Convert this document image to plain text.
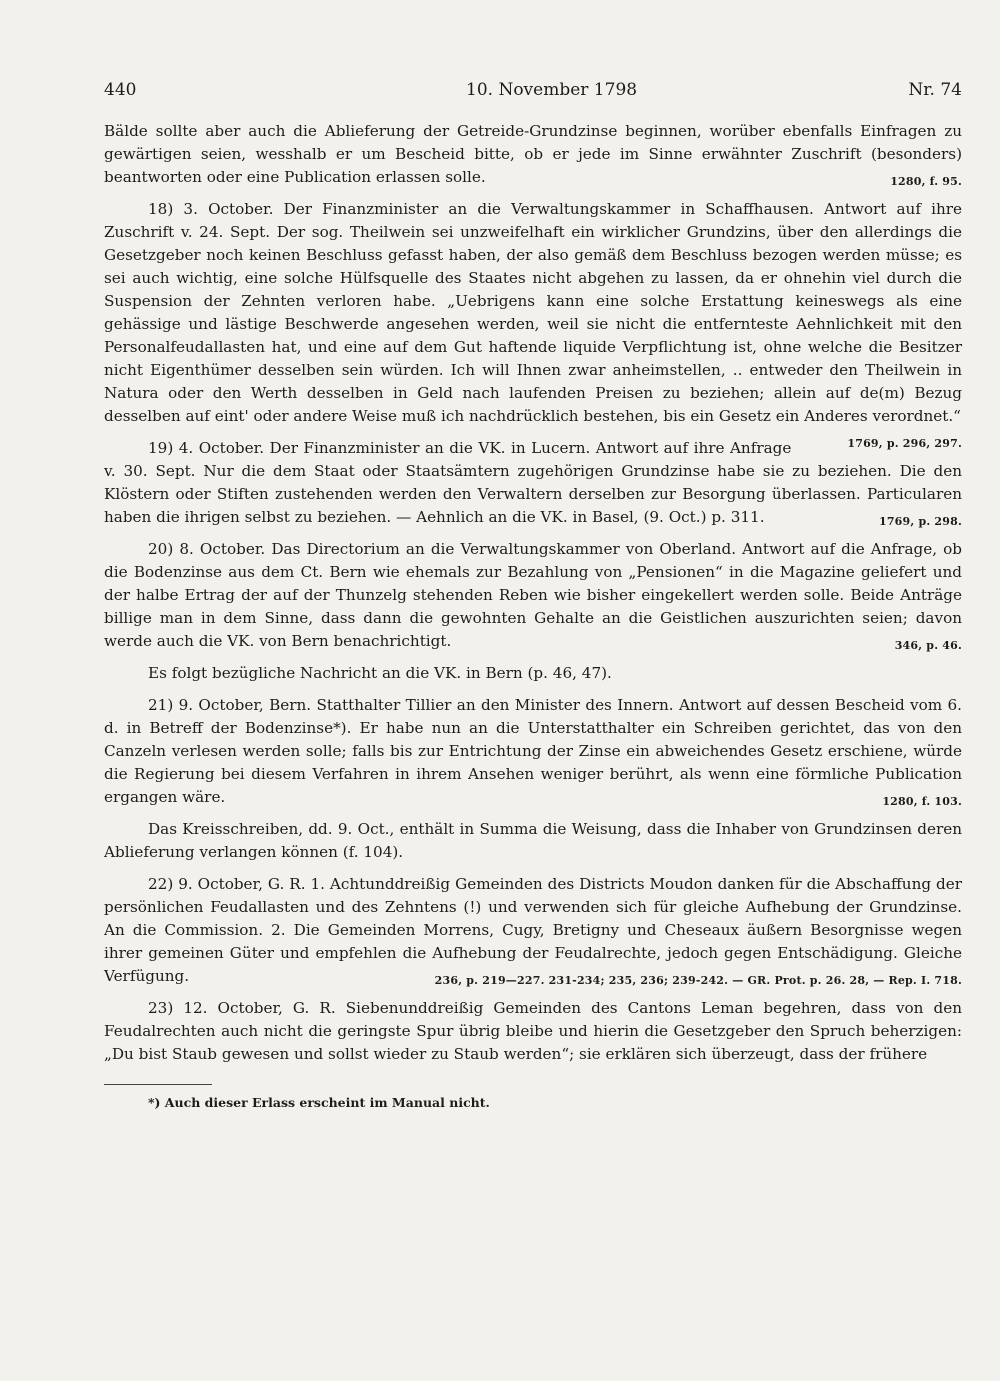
440	10. November 1798	Nr. 74

Bälde sollte aber auch die Ablieferung der Getreide-Grundzinse beginnen, worüber ebenfalls Einfragen zu gewärtigen seien, wesshalb er um Bescheid bitte, ob er jede im Sinne erwähnter Zuschrift (besonders) beantworten oder eine Publication erlassen solle.	1280, f. 95.

18) 3. October. Der Finanzminister an die Verwaltungskammer in Schaffhausen. Antwort auf ihre Zuschrift v. 24. Sept. Der sog. Theilwein sei unzweifelhaft ein wirklicher Grundzins, über den allerdings die Gesetzgeber noch keinen Beschluss gefasst haben, der also gemäß dem Beschluss bezogen werden müsse; es sei auch wichtig, eine solche Hülfsquelle des Staates nicht abgehen zu lassen, da er ohnehin viel durch die Suspension der Zehnten verloren habe. „Uebrigens kann eine solche Erstattung keineswegs als eine gehässige und lästige Beschwerde angesehen werden, weil sie nicht die entfernteste Aehnlichkeit mit den Personalfeudallasten hat, und eine auf dem Gut haftende liquide Verpflichtung ist, ohne welche die Besitzer nicht Eigenthümer desselben sein würden. Ich will Ihnen zwar anheimstellen, .. entweder den Theilwein in Natura oder den Werth desselben in Geld nach laufenden Preisen zu beziehen; allein auf de(m) Bezug desselben auf eint' oder andere Weise muß ich nachdrücklich bestehen, bis ein Gesetz ein Anderes verordnet.“
1769, p. 296, 297.

19) 4. October. Der Finanzminister an die VK. in Lucern. Antwort auf ihre Anfrage v. 30. Sept. Nur die dem Staat oder Staatsämtern zugehörigen Grundzinse habe sie zu beziehen. Die den Klöstern oder Stiften zustehenden werden den Verwaltern derselben zur Besorgung überlassen. Particularen haben die ihrigen selbst zu beziehen. — Aehnlich an die VK. in Basel, (9. Oct.) p. 311.	1769, p. 298.

20) 8. October. Das Directorium an die Verwaltungskammer von Oberland. Antwort auf die Anfrage, ob die Bodenzinse aus dem Ct. Bern wie ehemals zur Bezahlung von „Pensionen“ in die Magazine geliefert und der halbe Ertrag der auf der Thunzelg stehenden Reben wie bisher eingekellert werden solle. Beide Anträge billige man in dem Sinne, dass dann die gewohnten Gehalte an die Geistlichen auszurichten seien; davon werde auch die VK. von Bern benachrichtigt.	346, p. 46.

Es folgt bezügliche Nachricht an die VK. in Bern (p. 46, 47).

21) 9. October, Bern. Statthalter Tillier an den Minister des Innern. Antwort auf dessen Bescheid vom 6. d. in Betreff der Bodenzinse*). Er habe nun an die Unterstatthalter ein Schreiben gerichtet, das von den Canzeln verlesen werden solle; falls bis zur Entrichtung der Zinse ein abweichendes Gesetz erschiene, würde die Regierung bei diesem Verfahren in ihrem Ansehen weniger berührt, als wenn eine förmliche Publication ergangen wäre.	1280, f. 103.

Das Kreisschreiben, dd. 9. Oct., enthält in Summa die Weisung, dass die Inhaber von Grundzinsen deren Ablieferung verlangen können (f. 104).

22) 9. October, G. R. 1. Achtunddreißig Gemeinden des Districts Moudon danken für die Abschaffung der persönlichen Feudallasten und des Zehntens (!) und verwenden sich für gleiche Aufhebung der Grundzinse. An die Commission. 2. Die Gemeinden Morrens, Cugy, Bretigny und Cheseaux äußern Besorgnisse wegen ihrer gemeinen Güter und empfehlen die Aufhebung der Feudalrechte, jedoch gegen Entschädigung. Gleiche Verfügung.	236, p. 219—227. 231-234; 235, 236; 239-242. — GR. Prot. p. 26. 28, — Rep. I. 718.

23) 12. October, G. R. Siebenunddreißig Gemeinden des Cantons Leman begehren, dass von den Feudalrechten auch nicht die geringste Spur übrig bleibe und hierin die Gesetzgeber den Spruch beherzigen: „Du bist Staub gewesen und sollst wieder zu Staub werden“; sie erklären sich überzeugt, dass der frühere

*) Auch dieser Erlass erscheint im Manual nicht.
